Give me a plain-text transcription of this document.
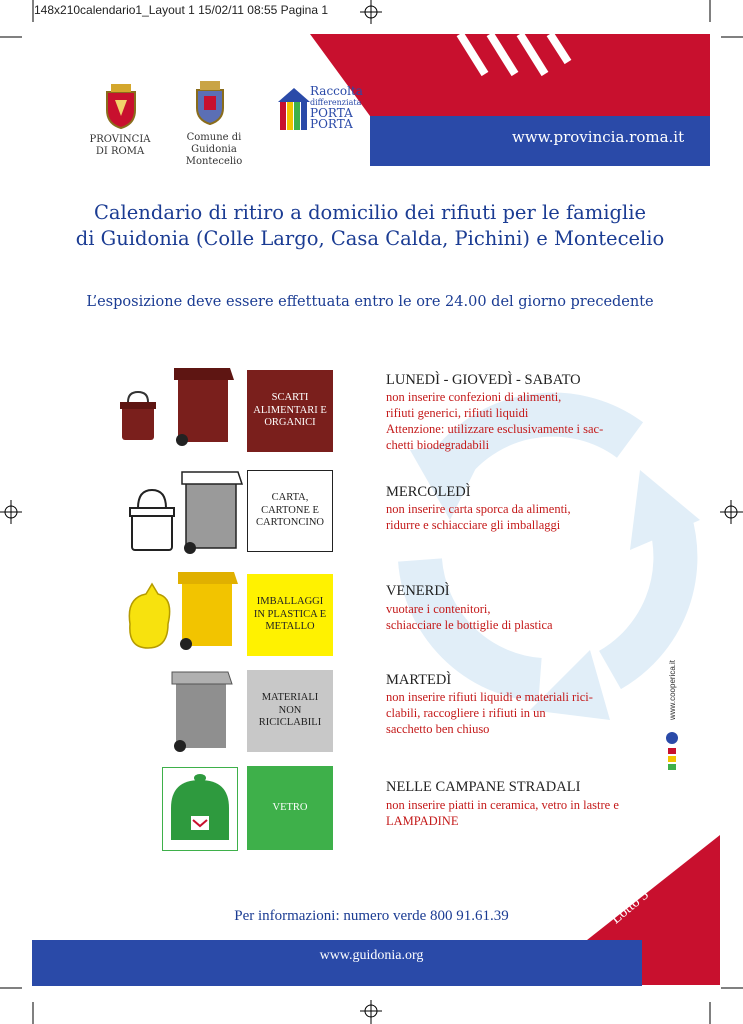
148x210calendario1_Layout 1 15/02/11 08:55 Pagina 1
www.provincia.roma.it
PROVINCIA
DI ROMA
Comune di
Guidonia Montecelio
Raccolta
differenziata
PORTA
PORTA
Calendario di ritiro a domicilio dei rifiuti per le famiglie
di Guidonia (Colle Largo, Casa Calda, Pichini) e Montecelio
L’esposizione deve essere effettuata entro le ore 24.00 del giorno precedente
SCARTI ALIMENTARI E ORGANICI
LUNEDÌ - GIOVEDÌ - SABATO
non inserire confezioni di alimenti,
rifiuti generici, rifiuti liquidi
Attenzione: utilizzare esclusivamente i sac-
chetti biodegradabili
CARTA, CARTONE E CARTONCINO
MERCOLEDÌ
non inserire carta sporca da alimenti,
ridurre e schiacciare gli imballaggi
IMBALLAGGI IN PLASTICA E METALLO
VENERDÌ
vuotare i contenitori,
schiacciare le bottiglie di plastica
MATERIALI NON RICICLABILI
MARTEDÌ
non inserire rifiuti liquidi e materiali rici-
clabili, raccogliere i rifiuti in un
sacchetto ben chiuso
VETRO
NELLE CAMPANE STRADALI
non inserire piatti in ceramica, vetro in lastre e
LAMPADINE
www.cooperica.it
Per informazioni: numero verde 800 91.61.39
www.guidonia.org
Lotto 3
